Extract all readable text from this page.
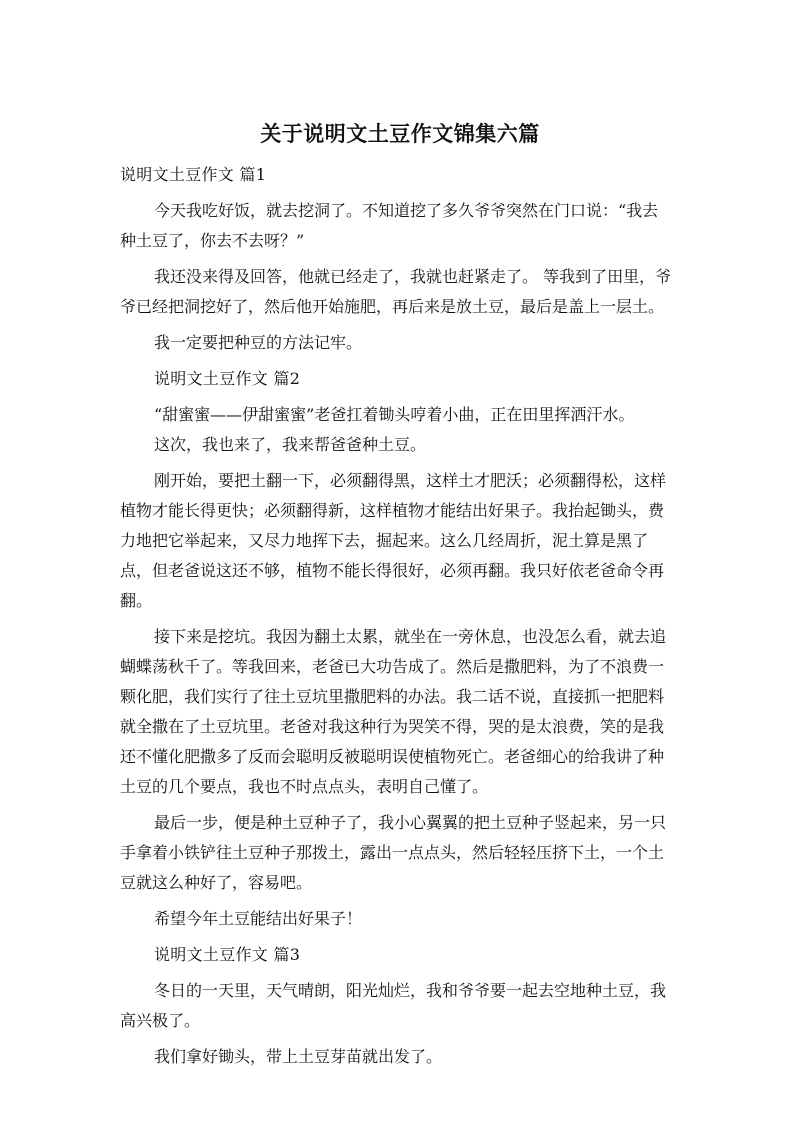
关于说明文土豆作文锦集六篇
说明文土豆作文 篇1
今天我吃好饭，就去挖洞了。不知道挖了多久爷爷突然在门口说：“我去
种土豆了，你去不去呀？”
我还没来得及回答，他就已经走了，我就也赶紧走了。 等我到了田里，爷
爷已经把洞挖好了，然后他开始施肥，再后来是放土豆，最后是盖上一层土。
我一定要把种豆的方法记牢。
说明文土豆作文 篇2
“甜蜜蜜——伊甜蜜蜜”老爸扛着锄头哼着小曲，正在田里挥洒汗水。
这次，我也来了，我来帮爸爸种土豆。
刚开始，要把土翻一下，必须翻得黑，这样土才肥沃；必须翻得松，这样
植物才能长得更快；必须翻得新，这样植物才能结出好果子。我抬起锄头，费
力地把它举起来，又尽力地挥下去，掘起来。这么几经周折，泥土算是黑了
点，但老爸说这还不够，植物不能长得很好，必须再翻。我只好依老爸命令再
翻。
接下来是挖坑。我因为翻土太累，就坐在一旁休息，也没怎么看，就去追
蝴蝶荡秋千了。等我回来，老爸已大功告成了。然后是撒肥料，为了不浪费一
颗化肥，我们实行了往土豆坑里撒肥料的办法。我二话不说，直接抓一把肥料
就全撒在了土豆坑里。老爸对我这种行为哭笑不得，哭的是太浪费，笑的是我
还不懂化肥撒多了反而会聪明反被聪明误使植物死亡。老爸细心的给我讲了种
土豆的几个要点，我也不时点点头，表明自己懂了。
最后一步，便是种土豆种子了，我小心翼翼的把土豆种子竖起来，另一只
手拿着小铁铲往土豆种子那拨土，露出一点点头，然后轻轻压挤下土，一个土
豆就这么种好了，容易吧。
希望今年土豆能结出好果子！
说明文土豆作文 篇3
冬日的一天里，天气晴朗，阳光灿烂，我和爷爷要一起去空地种土豆，我
高兴极了。
我们拿好锄头，带上土豆芽苗就出发了。
